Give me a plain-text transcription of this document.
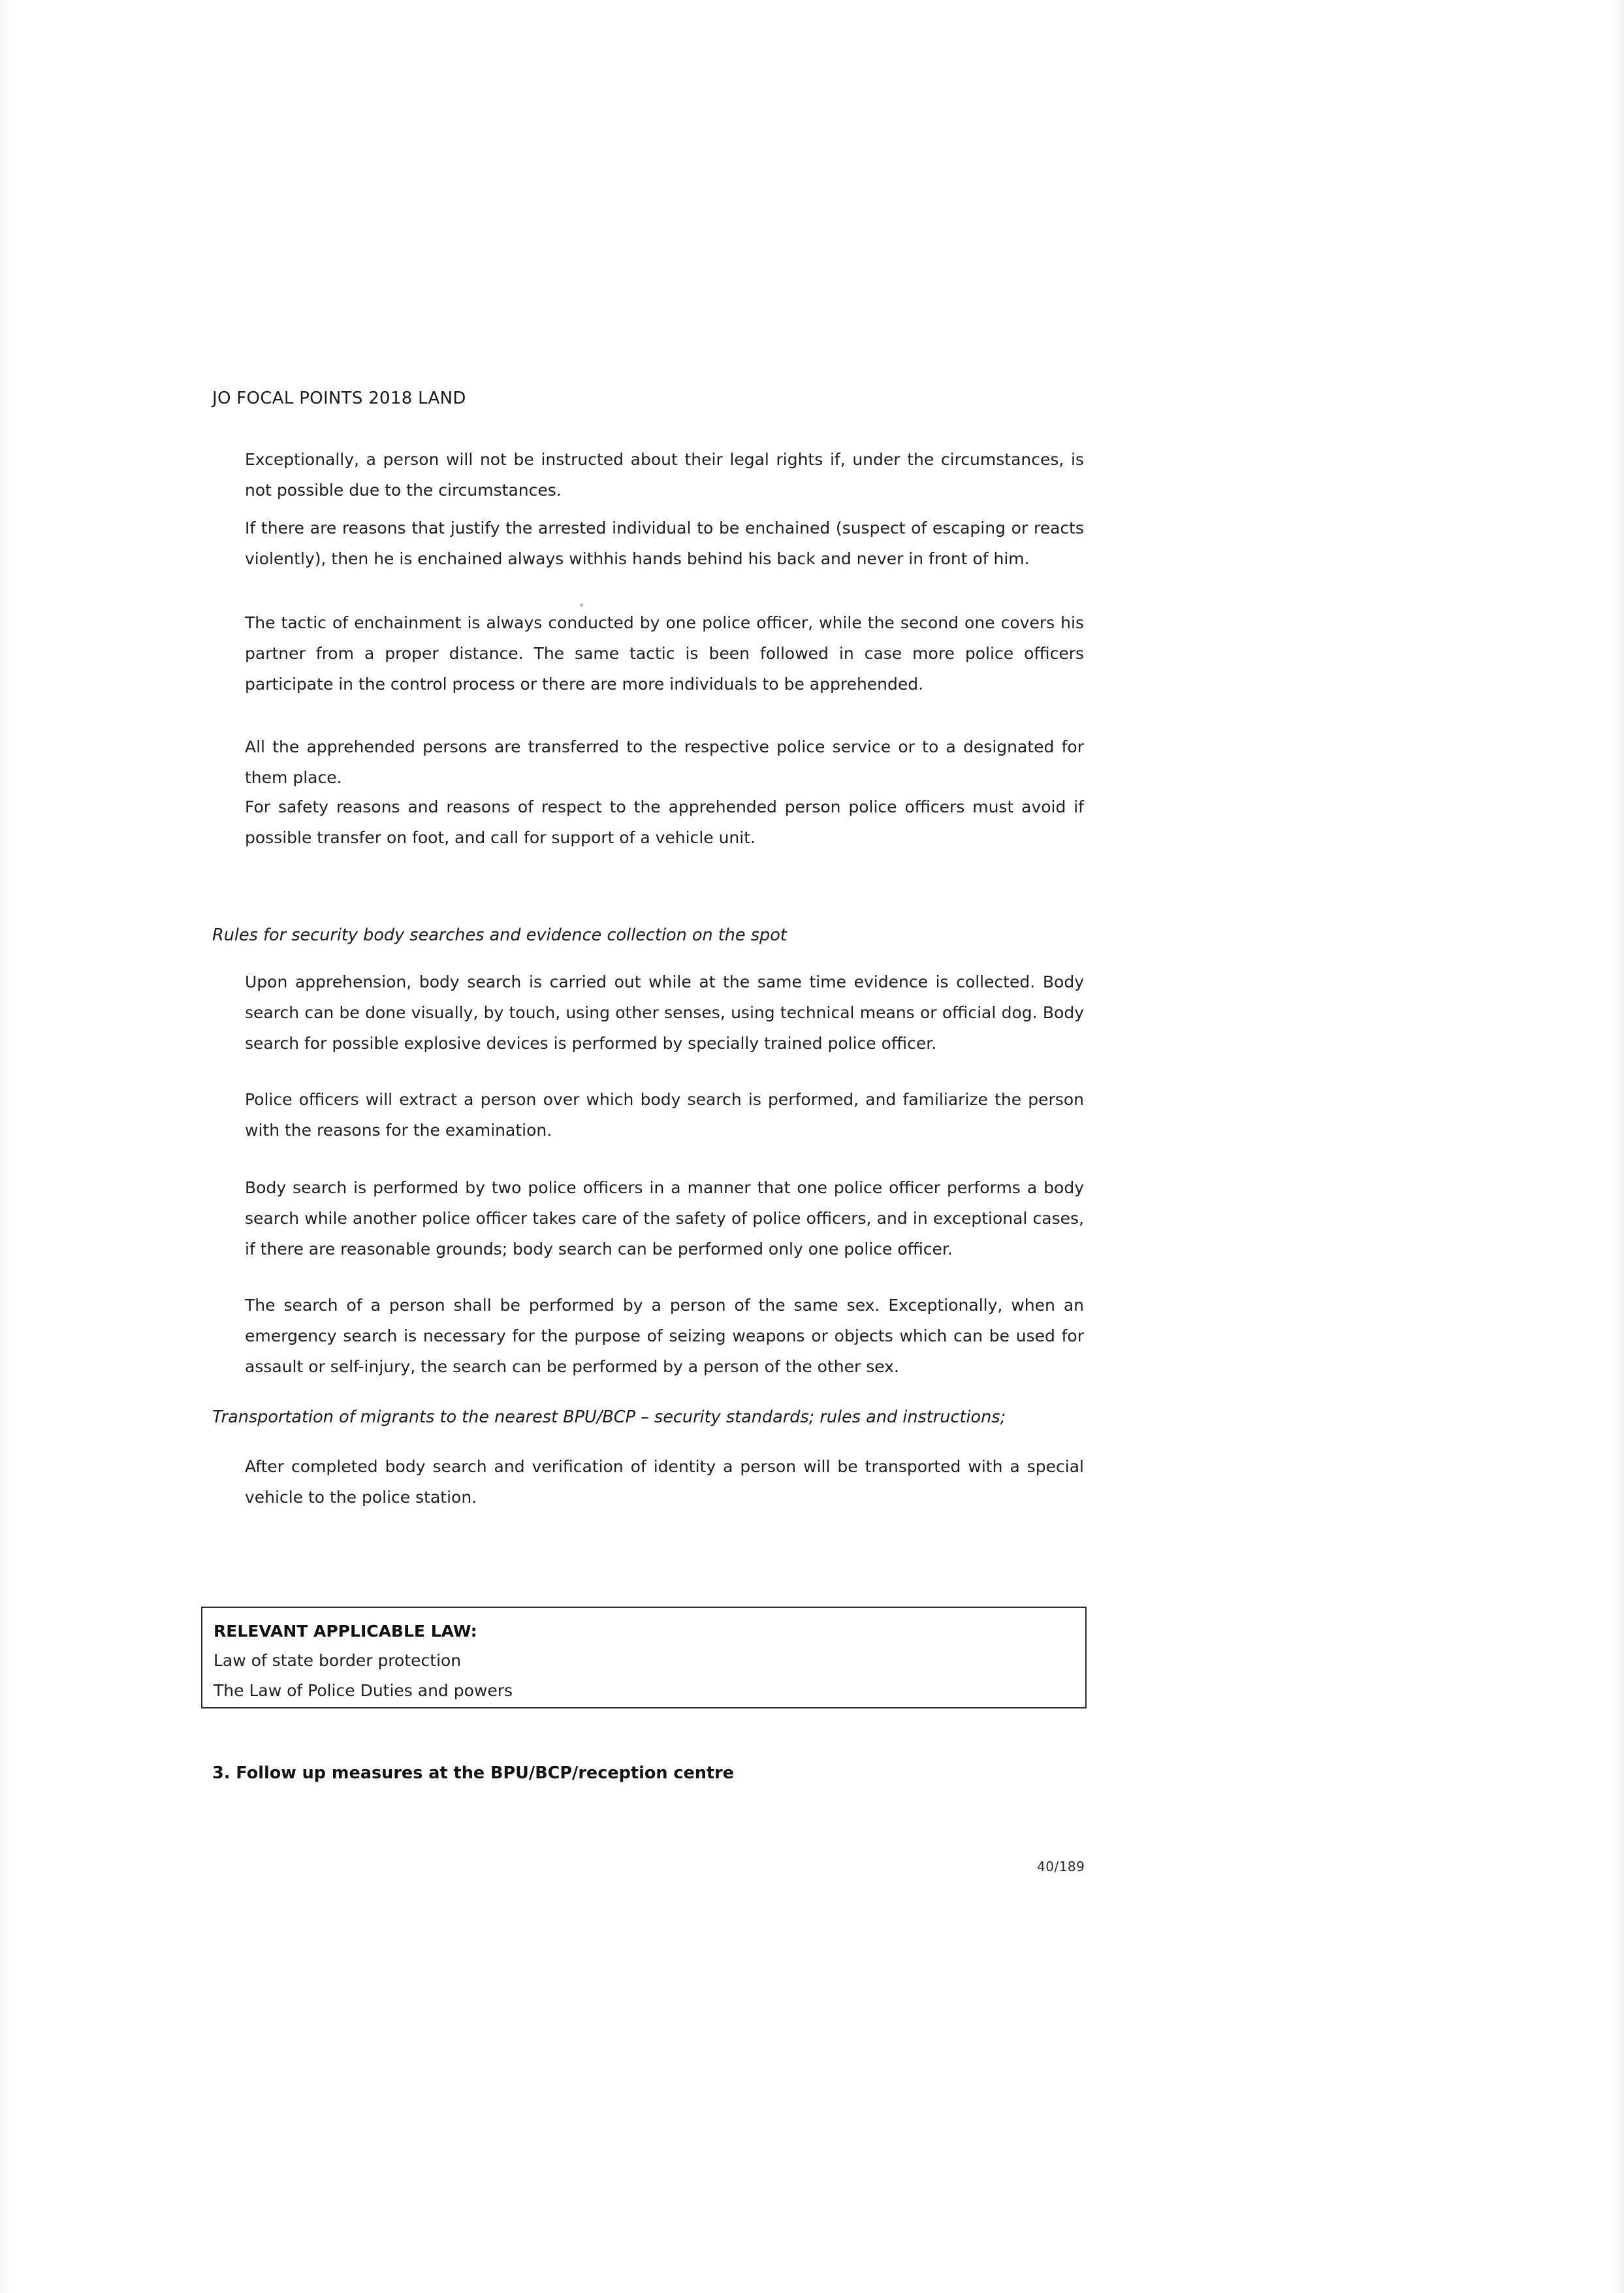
JO FOCAL POINTS 2018 LAND

Exceptionally, a person will not be instructed about their legal rights if, under the circumstances, is not possible due to the circumstances.

If there are reasons that justify the arrested individual to be enchained (suspect of escaping or reacts violently), then he is enchained always withhis hands behind his back and never in front of him.

The tactic of enchainment is always conducted by one police officer, while the second one covers his partner from a proper distance. The same tactic is been followed in case more police officers participate in the control process or there are more individuals to be apprehended.

All the apprehended persons are transferred to the respective police service or to a designated for them place.

For safety reasons and reasons of respect to the apprehended person police officers must avoid if possible transfer on foot, and call for support of a vehicle unit.

Rules for security body searches and evidence collection on the spot

Upon apprehension, body search is carried out while at the same time evidence is collected. Body search can be done visually, by touch, using other senses, using technical means or official dog. Body search for possible explosive devices is performed by specially trained police officer.

Police officers will extract a person over which body search is performed, and familiarize the person with the reasons for the examination.

Body search is performed by two police officers in a manner that one police officer performs a body search while another police officer takes care of the safety of police officers, and in exceptional cases, if there are reasonable grounds; body search can be performed only one police officer.

The search of a person shall be performed by a person of the same sex. Exceptionally, when an emergency search is necessary for the purpose of seizing weapons or objects which can be used for assault or self-injury, the search can be performed by a person of the other sex.

Transportation of migrants to the nearest BPU/BCP – security standards; rules and instructions;

After completed body search and verification of identity a person will be transported with a special vehicle to the police station.

RELEVANT APPLICABLE LAW:
Law of state border protection
The Law of Police Duties and powers
3. Follow up measures at the BPU/BCP/reception centre
40/189
